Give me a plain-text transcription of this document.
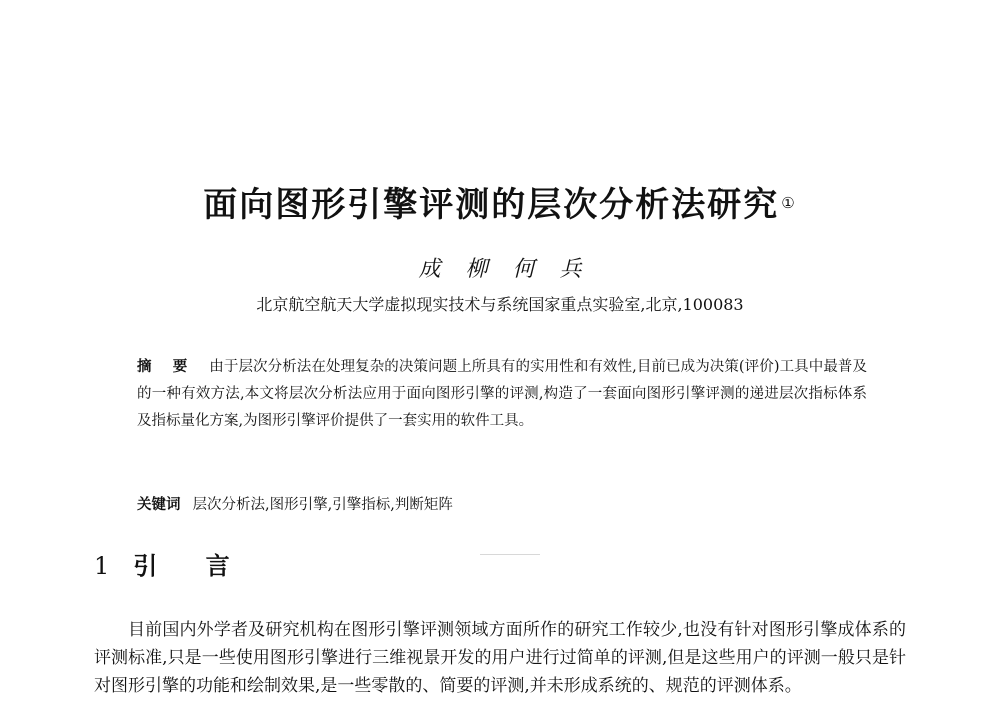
面向图形引擎评测的层次分析法研究 ①
成 柳 何 兵
北京航空航天大学虚拟现实技术与系统国家重点实验室,北京,100083
摘 要 由于层次分析法在处理复杂的决策问题上所具有的实用性和有效性,目前已成为决策(评价)工具中最普及的一种有效方法,本文将层次分析法应用于面向图形引擎的评测,构造了一套面向图形引擎评测的递进层次指标体系及指标量化方案,为图形引擎评价提供了一套实用的软件工具。
关键词 层次分析法,图形引擎,引擎指标,判断矩阵
1 引 言
目前国内外学者及研究机构在图形引擎评测领域方面所作的研究工作较少,也没有针对图形引擎成体系的评测标准,只是一些使用图形引擎进行三维视景开发的用户进行过简单的评测,但是这些用户的评测一般只是针对图形引擎的功能和绘制效果,是一些零散的、简要的评测,并未形成系统的、规范的评测体系。
